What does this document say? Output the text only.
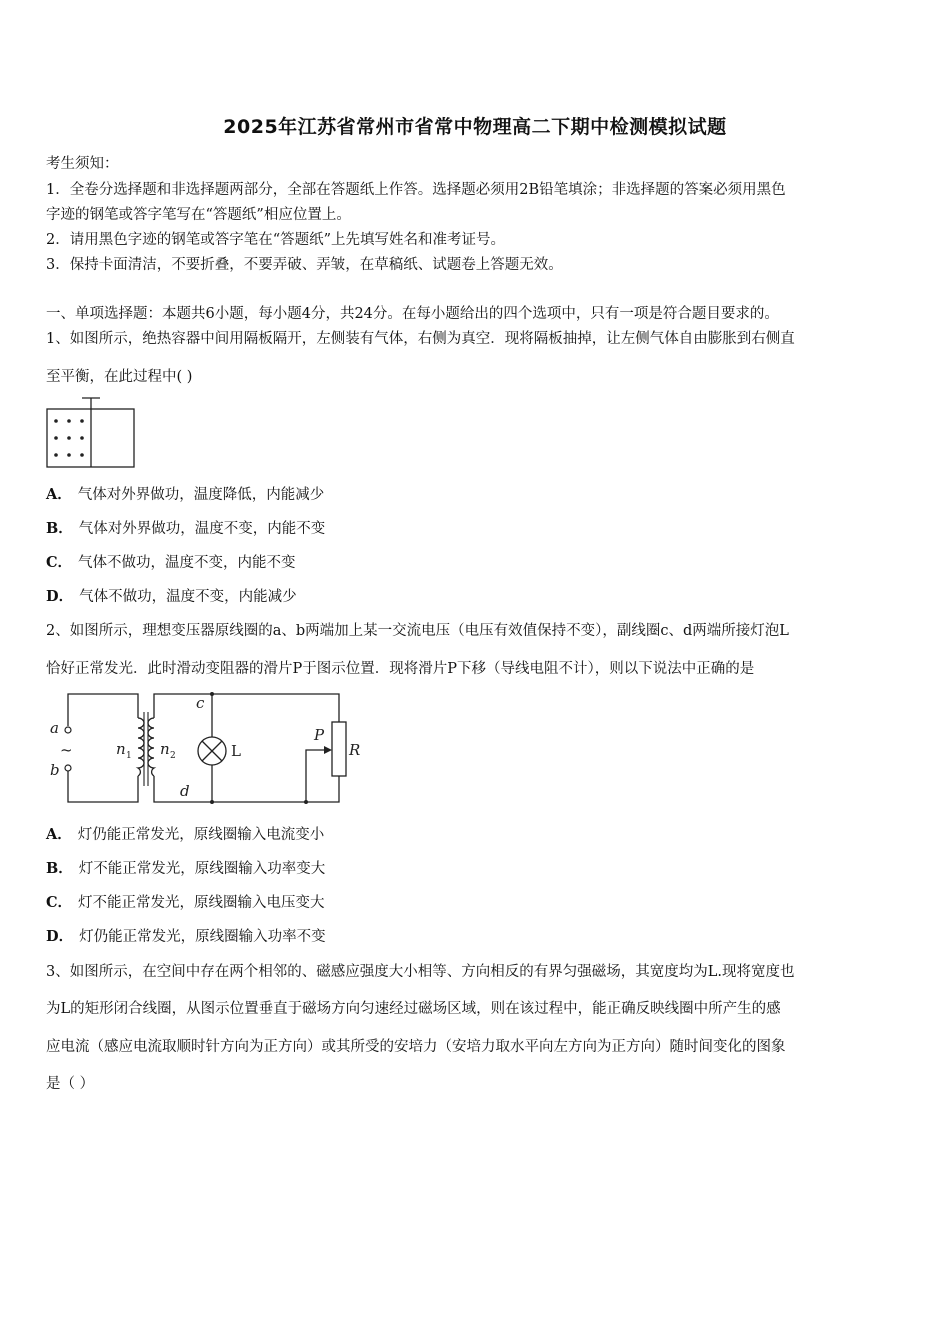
2025年江苏省常州市省常中物理高二下期中检测模拟试题
考生须知：
1．全卷分选择题和非选择题两部分，全部在答题纸上作答。选择题必须用2B铅笔填涂；非选择题的答案必须用黑色
字迹的钢笔或答字笔写在“答题纸”相应位置上。
2．请用黑色字迹的钢笔或答字笔在“答题纸”上先填写姓名和准考证号。
3．保持卡面清洁，不要折叠，不要弄破、弄皱，在草稿纸、试题卷上答题无效。
一、单项选择题：本题共6小题，每小题4分，共24分。在每小题给出的四个选项中，只有一项是符合题目要求的。
1、如图所示，绝热容器中间用隔板隔开，左侧装有气体，右侧为真空．现将隔板抽掉，让左侧气体自由膨胀到右侧直
至平衡，在此过程中( )
A． 气体对外界做功，温度降低，内能减少
B． 气体对外界做功，温度不变，内能不变
C． 气体不做功，温度不变，内能不变
D． 气体不做功，温度不变，内能减少
2、如图所示，理想变压器原线圈的a、b两端加上某一交流电压（电压有效值保持不变），副线圈c、d两端所接灯泡L
恰好正常发光．此时滑动变阻器的滑片P于图示位置．现将滑片P下移（导线电阻不计），则以下说法中正确的是
a
b
c
d
P
R
n n
1	2
~	L
A． 灯仍能正常发光，原线圈输入电流变小
B． 灯不能正常发光，原线圈输入功率变大
C． 灯不能正常发光，原线圈输入电压变大
D． 灯仍能正常发光，原线圈输入功率不变
3、如图所示，在空间中存在两个相邻的、磁感应强度大小相等、方向相反的有界匀强磁场，其宽度均为L.现将宽度也
为L的矩形闭合线圈，从图示位置垂直于磁场方向匀速经过磁场区域，则在该过程中，能正确反映线圈中所产生的感
应电流（感应电流取顺时针方向为正方向）或其所受的安培力（安培力取水平向左方向为正方向）随时间变化的图象
是（ ）
